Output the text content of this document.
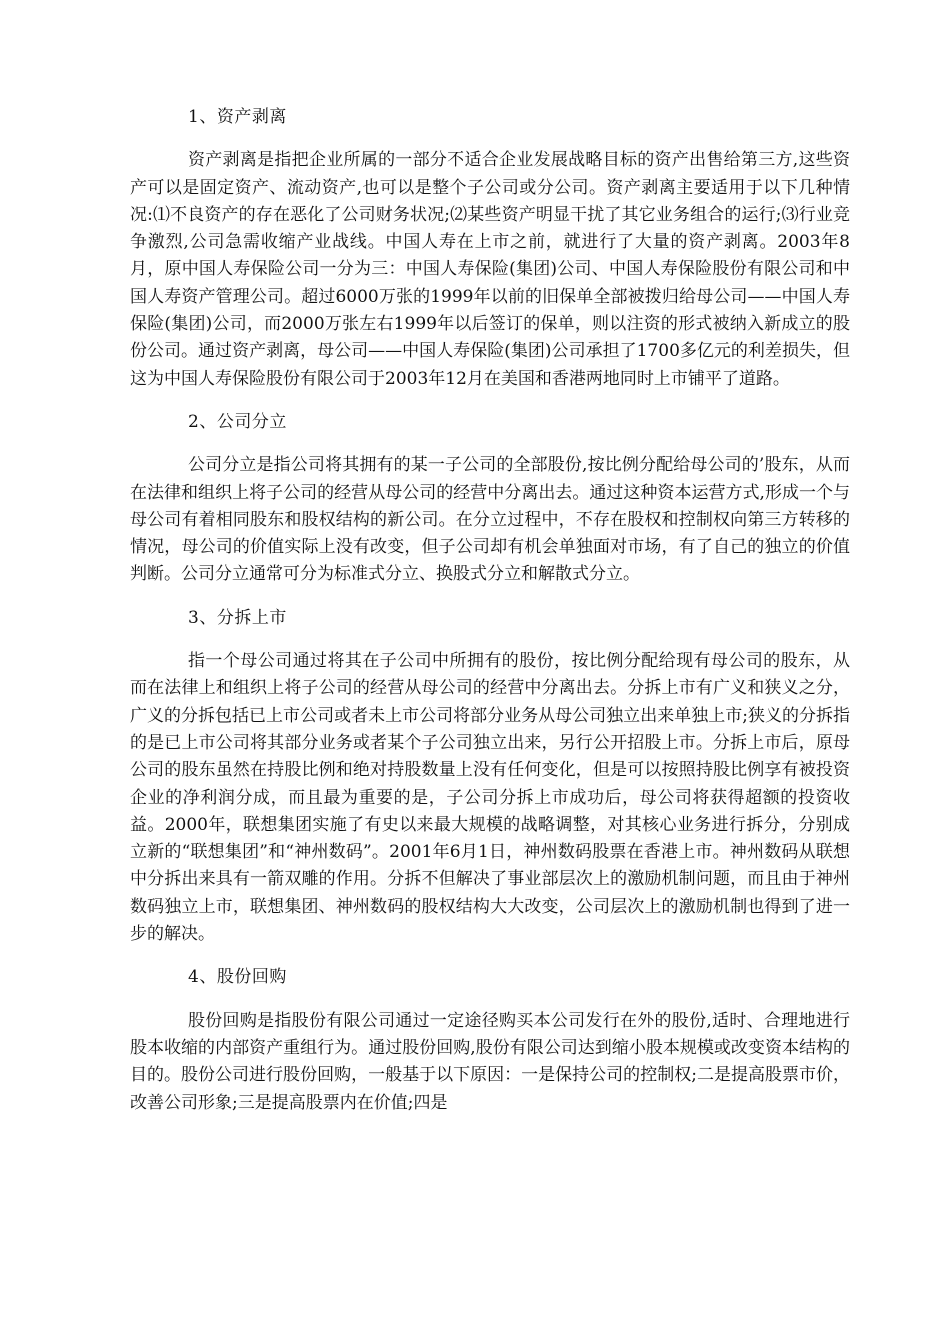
1、资产剥离

资产剥离是指把企业所属的一部分不适合企业发展战略目标的资产出售给第三方,这些资产可以是固定资产、流动资产,也可以是整个子公司或分公司。资产剥离主要适用于以下几种情况:⑴不良资产的存在恶化了公司财务状况;⑵某些资产明显干扰了其它业务组合的运行;⑶行业竞争激烈,公司急需收缩产业战线。中国人寿在上市之前，就进行了大量的资产剥离。2003年8月，原中国人寿保险公司一分为三：中国人寿保险(集团)公司、中国人寿保险股份有限公司和中国人寿资产管理公司。超过6000万张的1999年以前的旧保单全部被拨归给母公司——中国人寿保险(集团)公司，而2000万张左右1999年以后签订的保单，则以注资的形式被纳入新成立的股份公司。通过资产剥离，母公司——中国人寿保险(集团)公司承担了1700多亿元的利差损失，但这为中国人寿保险股份有限公司于2003年12月在美国和香港两地同时上市铺平了道路。

2、公司分立

公司分立是指公司将其拥有的某一子公司的全部股份,按比例分配给母公司的’股东，从而在法律和组织上将子公司的经营从母公司的经营中分离出去。通过这种资本运营方式,形成一个与母公司有着相同股东和股权结构的新公司。在分立过程中，不存在股权和控制权向第三方转移的情况，母公司的价值实际上没有改变，但子公司却有机会单独面对市场，有了自己的独立的价值判断。公司分立通常可分为标准式分立、换股式分立和解散式分立。

3、分拆上市

指一个母公司通过将其在子公司中所拥有的股份，按比例分配给现有母公司的股东，从而在法律上和组织上将子公司的经营从母公司的经营中分离出去。分拆上市有广义和狭义之分，广义的分拆包括已上市公司或者未上市公司将部分业务从母公司独立出来单独上市;狭义的分拆指的是已上市公司将其部分业务或者某个子公司独立出来，另行公开招股上市。分拆上市后，原母公司的股东虽然在持股比例和绝对持股数量上没有任何变化，但是可以按照持股比例享有被投资企业的净利润分成，而且最为重要的是，子公司分拆上市成功后，母公司将获得超额的投资收益。2000年，联想集团实施了有史以来最大规模的战略调整，对其核心业务进行拆分，分别成立新的“联想集团”和“神州数码”。2001年6月1日，神州数码股票在香港上市。神州数码从联想中分拆出来具有一箭双雕的作用。分拆不但解决了事业部层次上的激励机制问题，而且由于神州数码独立上市，联想集团、神州数码的股权结构大大改变，公司层次上的激励机制也得到了进一步的解决。

4、股份回购

股份回购是指股份有限公司通过一定途径购买本公司发行在外的股份,适时、合理地进行股本收缩的内部资产重组行为。通过股份回购,股份有限公司达到缩小股本规模或改变资本结构的目的。股份公司进行股份回购，一般基于以下原因：一是保持公司的控制权;二是提高股票市价，改善公司形象;三是提高股票内在价值;四是
